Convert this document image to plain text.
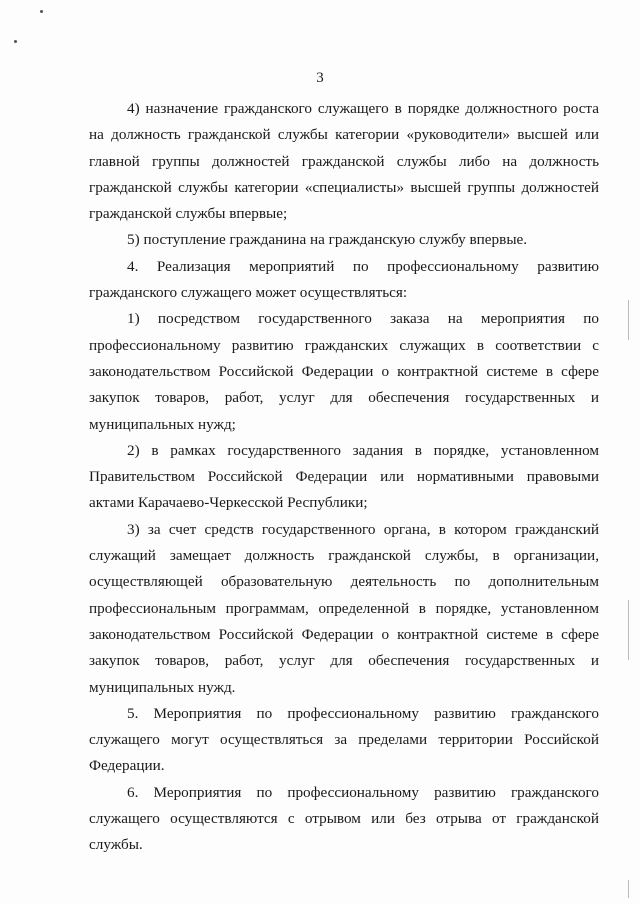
3

4) назначение гражданского служащего в порядке должностного роста на должность гражданской службы категории «руководители» высшей или главной группы должностей гражданской службы либо на должность гражданской службы категории «специалисты» высшей группы должностей гражданской службы впервые;

5) поступление гражданина на гражданскую службу впервые.

4. Реализация мероприятий по профессиональному развитию гражданского служащего может осуществляться:

1) посредством государственного заказа на мероприятия по профессиональному развитию гражданских служащих в соответствии с законодательством Российской Федерации о контрактной системе в сфере закупок товаров, работ, услуг для обеспечения государственных и муниципальных нужд;

2) в рамках государственного задания в порядке, установленном Правительством Российской Федерации или нормативными правовыми актами Карачаево-Черкесской Республики;

3) за счет средств государственного органа, в котором гражданский служащий замещает должность гражданской службы, в организации, осуществляющей образовательную деятельность по дополнительным профессиональным программам, определенной в порядке, установленном законодательством Российской Федерации о контрактной системе в сфере закупок товаров, работ, услуг для обеспечения государственных и муниципальных нужд.

5. Мероприятия по профессиональному развитию гражданского служащего могут осуществляться за пределами территории Российской Федерации.

6. Мероприятия по профессиональному развитию гражданского служащего осуществляются с отрывом или без отрыва от гражданской службы.
